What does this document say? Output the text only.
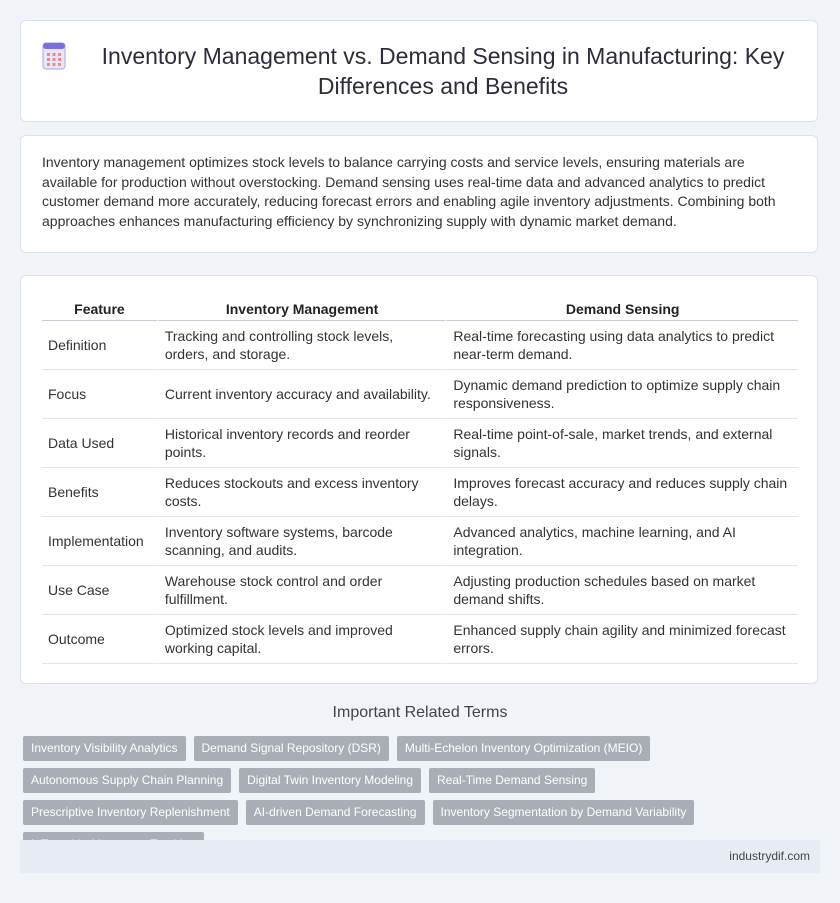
Inventory Management vs. Demand Sensing in Manufacturing: Key Differences and Benefits

Inventory management optimizes stock levels to balance carrying costs and service levels, ensuring materials are available for production without overstocking. Demand sensing uses real-time data and advanced analytics to predict customer demand more accurately, reducing forecast errors and enabling agile inventory adjustments. Combining both approaches enhances manufacturing efficiency by synchronizing supply with dynamic market demand.

Feature	Inventory Management	Demand Sensing
Definition	Tracking and controlling stock levels, orders, and storage.	Real-time forecasting using data analytics to predict near-term demand.
Focus	Current inventory accuracy and availability.	Dynamic demand prediction to optimize supply chain responsiveness.
Data Used	Historical inventory records and reorder points.	Real-time point-of-sale, market trends, and external signals.
Benefits	Reduces stockouts and excess inventory costs.	Improves forecast accuracy and reduces supply chain delays.
Implementation	Inventory software systems, barcode scanning, and audits.	Advanced analytics, machine learning, and AI integration.
Use Case	Warehouse stock control and order fulfillment.	Adjusting production schedules based on market demand shifts.
Outcome	Optimized stock levels and improved working capital.	Enhanced supply chain agility and minimized forecast errors.
Important Related Terms
Inventory Visibility Analytics	Demand Signal Repository (DSR)	Multi-Echelon Inventory Optimization (MEIO)
Autonomous Supply Chain Planning	Digital Twin Inventory Modeling	Real-Time Demand Sensing
Prescriptive Inventory Replenishment	AI-driven Demand Forecasting	Inventory Segmentation by Demand Variability
industrydif.com
